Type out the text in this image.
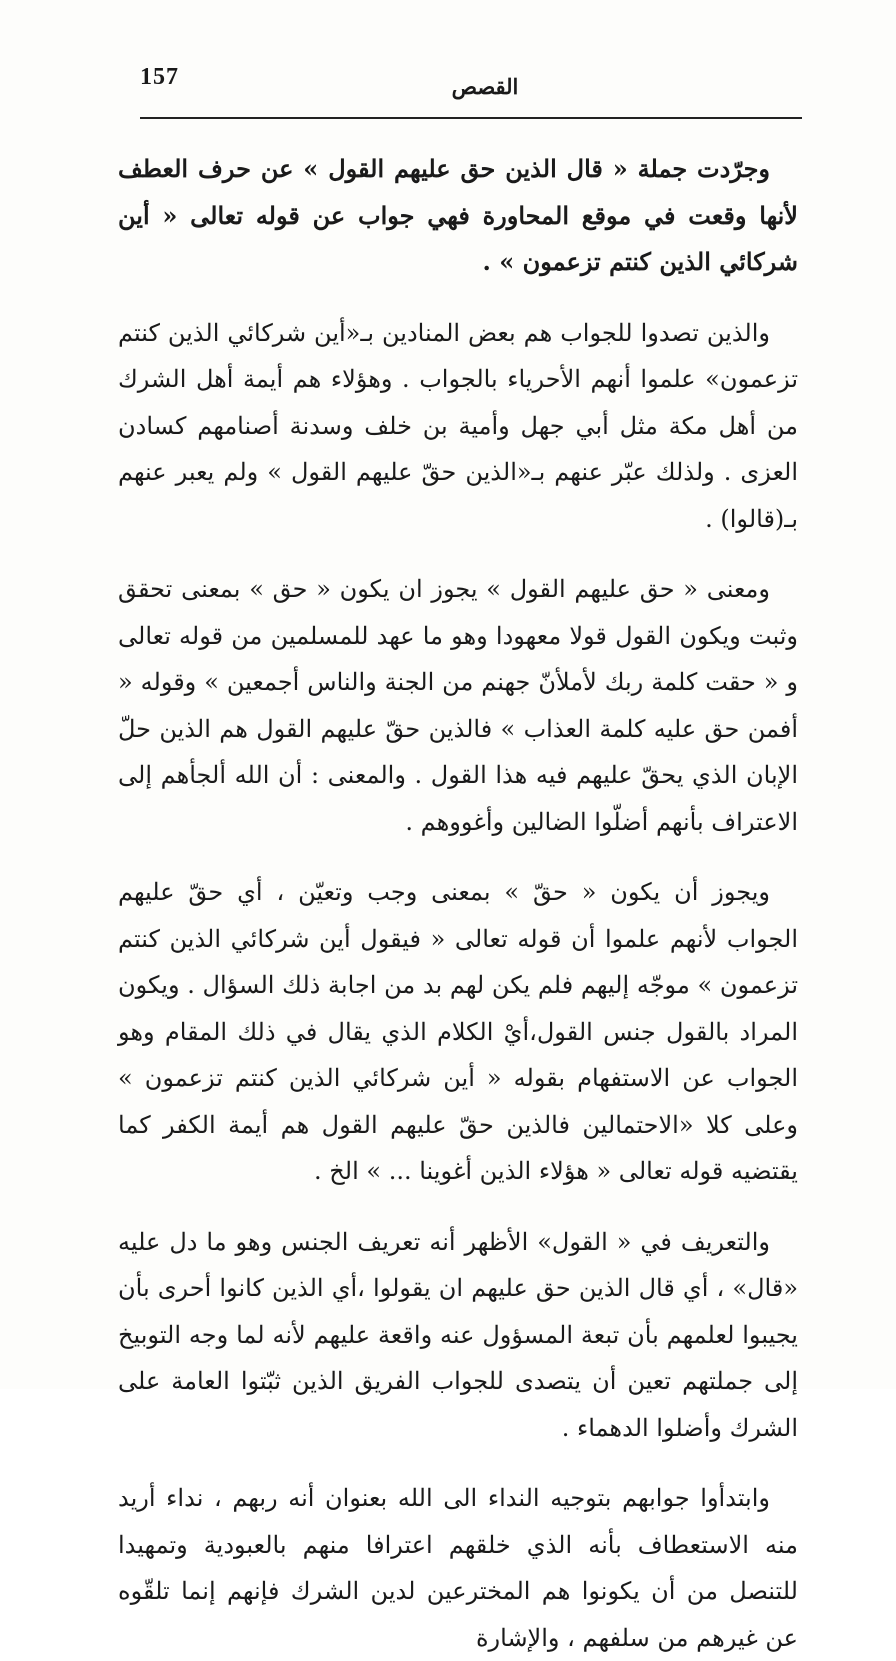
157	القصص

وجرّدت جملة « قال الذين حق عليهم القول » عن حرف العطف لأنها وقعت في موقع المحاورة فهي جواب عن قوله تعالى « أين شركائي الذين كنتم تزعمون » .

والذين تصدوا للجواب هم بعض المنادين بـ«أين شركائي الذين كنتم تزعمون» علموا أنهم الأحرياء بالجواب . وهؤلاء هم أيمة أهل الشرك من أهل مكة مثل أبي جهل وأمية بن خلف وسدنة أصنامهم كسادن العزى . ولذلك عبّر عنهم بـ«الذين حقّ عليهم القول » ولم يعبر عنهم بـ(قالوا) .

ومعنى « حق عليهم القول » يجوز ان يكون « حق » بمعنى تحقق وثبت ويكون القول قولا معهودا وهو ما عهد للمسلمين من قوله تعالى و « حقت كلمة ربك لأملأنّ جهنم من الجنة والناس أجمعين » وقوله « أفمن حق عليه كلمة العذاب » فالذين حقّ عليهم القول هم الذين حلّ الإبان الذي يحقّ عليهم فيه هذا القول . والمعنى : أن الله ألجأهم إلى الاعتراف بأنهم أضلّوا الضالين وأغووهم .

ويجوز أن يكون « حقّ » بمعنى وجب وتعيّن ، أي حقّ عليهم الجواب لأنهم علموا أن قوله تعالى « فيقول أين شركائي الذين كنتم تزعمون » موجّه إليهم فلم يكن لهم بد من اجابة ذلك السؤال . ويكون المراد بالقول جنس القول،أيْ الكلام الذي يقال في ذلك المقام وهو الجواب عن الاستفهام بقوله « أين شركائي الذين كنتم تزعمون » وعلى كلا «الاحتمالين فالذين حقّ عليهم القول هم أيمة الكفر كما يقتضيه قوله تعالى « هؤلاء الذين أغوينا ... » الخ .

والتعريف في « القول» الأظهر أنه تعريف الجنس وهو ما دل عليه «قال» ، أي قال الذين حق عليهم ان يقولوا ،أي الذين كانوا أحرى بأن يجيبوا لعلمهم بأن تبعة المسؤول عنه واقعة عليهم لأنه لما وجه التوبيخ إلى جملتهم تعين أن يتصدى للجواب الفريق الذين ثبّتوا العامة على الشرك وأضلوا الدهماء .

وابتدأوا جوابهم بتوجيه النداء الى الله بعنوان أنه ربهم ، نداء أريد منه الاستعطاف بأنه الذي خلقهم اعترافا منهم بالعبودية وتمهيدا للتنصل من أن يكونوا هم المخترعين لدين الشرك فإنهم إنما تلقّوه عن غيرهم من سلفهم ، والإشارة
